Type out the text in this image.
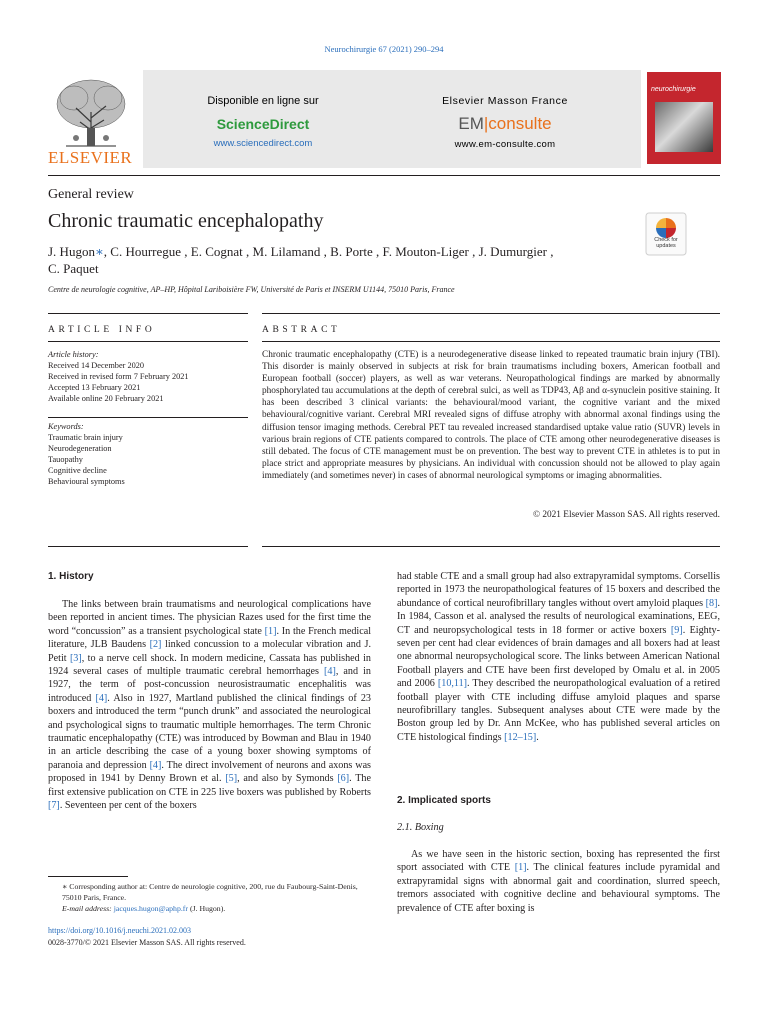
Neurochirurgie 67 (2021) 290–294
ELSEVIER
Disponible en ligne sur
ScienceDirect
www.sciencedirect.com
Elsevier Masson France
EM|consulte
www.em-consulte.com
neurochirurgie
General review
Chronic traumatic encephalopathy
Check for updates
J. Hugon∗, C. Hourregue , E. Cognat , M. Lilamand , B. Porte , F. Mouton-Liger , J. Dumurgier ,
C. Paquet
Centre de neurologie cognitive, AP–HP, Hôpital Lariboisière FW, Université de Paris et INSERM U1144, 75010 Paris, France
ARTICLE INFO	ABSTRACT
Article history:
Received 14 December 2020
Received in revised form 7 February 2021
Accepted 13 February 2021
Available online 20 February 2021
Keywords:
Traumatic brain injury
Neurodegeneration
Tauopathy
Cognitive decline
Behavioural symptoms
Chronic traumatic encephalopathy (CTE) is a neurodegenerative disease linked to repeated traumatic brain injury (TBI). This disorder is mainly observed in subjects at risk for brain traumatisms including boxers, American football and European football (soccer) players, as well as war veterans. Neuropathological findings are marked by abnormally phosphorylated tau accumulations at the depth of cerebral sulci, as well as TDP43, Aβ and α-synuclein positive staining. It has been described 3 clinical variants: the behavioural/mood variant, the cognitive variant and the mixed behavioural/cognitive variant. Cerebral MRI revealed signs of diffuse atrophy with abnormal axonal findings using the diffusion tensor imaging methods. Cerebral PET tau revealed increased standardised uptake value ratio (SUVR) levels in various brain regions of CTE patients compared to controls. The place of CTE among other neurodegenerative diseases is still debated. The focus of CTE management must be on prevention. The best way to prevent CTE in athletes is to put in place strict and appropriate measures by physicians. An individual with concussion should not be allowed to play again immediately (and sometimes never) in cases of abnormal neurological symptoms or imaging abnormalities.
© 2021 Elsevier Masson SAS. All rights reserved.
1. History

The links between brain traumatisms and neurological complications have been reported in ancient times. The physician Razes used for the first time the word “concussion” as a transient psychological state [1]. In the French medical literature, JLB Baudens [2] linked concussion to a molecular vibration and J. Petit [3], to a nerve cell shock. In modern medicine, Cassata has published in 1924 several cases of multiple traumatic cerebral hemorrhages [4], and in 1927, the term of post-concussion neurosistraumatic encephalitis was introduced [4]. Also in 1927, Martland published the clinical findings of 23 boxers and introduced the term “punch drunk” and associated the neurological and psychological signs to traumatic multiple hemorrhages. The term Chronic traumatic encephalopathy (CTE) was introduced by Bowman and Blau in 1940 in an article describing the case of a young boxer showing symptoms of paranoia and depression [4]. The direct involvement of neurons and axons was proposed in 1941 by Denny Brown et al. [5], and also by Symonds [6]. The first extensive publication on CTE in 225 live boxers was published by Roberts [7]. Seventeen per cent of the boxers

had stable CTE and a small group had also extrapyramidal symptoms. Corsellis reported in 1973 the neuropathological features of 15 boxers and described the abundance of cortical neurofibrillary tangles without overt amyloid plaques [8]. In 1984, Casson et al. analysed the results of neurological examinations, EEG, CT and neuropsychological tests in 18 former or active boxers [9]. Eighty-seven per cent had clear evidences of brain damages and all boxers had at least one abnormal neuropsychological score. The links between American National Football players and CTE have been first developed by Omalu et al. in 2005 and 2006 [10,11]. They described the neuropathological evaluation of a retired football player with CTE including diffuse amyloid plaques and sparse neurofibrillary tangles. Subsequent analyses about CTE were made by the Boston group led by Dr. Ann McKee, who has published several articles on CTE histological findings [12–15].

2. Implicated sports
2.1. Boxing

As we have seen in the historic section, boxing has represented the first sport associated with CTE [1]. The clinical features include pyramidal and extrapyramidal signs with abnormal gait and coordination, slurred speech, tremors associated with cognitive decline and behavioural symptoms. The prevalence of CTE after boxing is

∗ Corresponding author at: Centre de neurologie cognitive, 200, rue du Faubourg-Saint-Denis, 75010 Paris, France.
E-mail address: jacques.hugon@aphp.fr (J. Hugon).
https://doi.org/10.1016/j.neuchi.2021.02.003
0028-3770/© 2021 Elsevier Masson SAS. All rights reserved.
